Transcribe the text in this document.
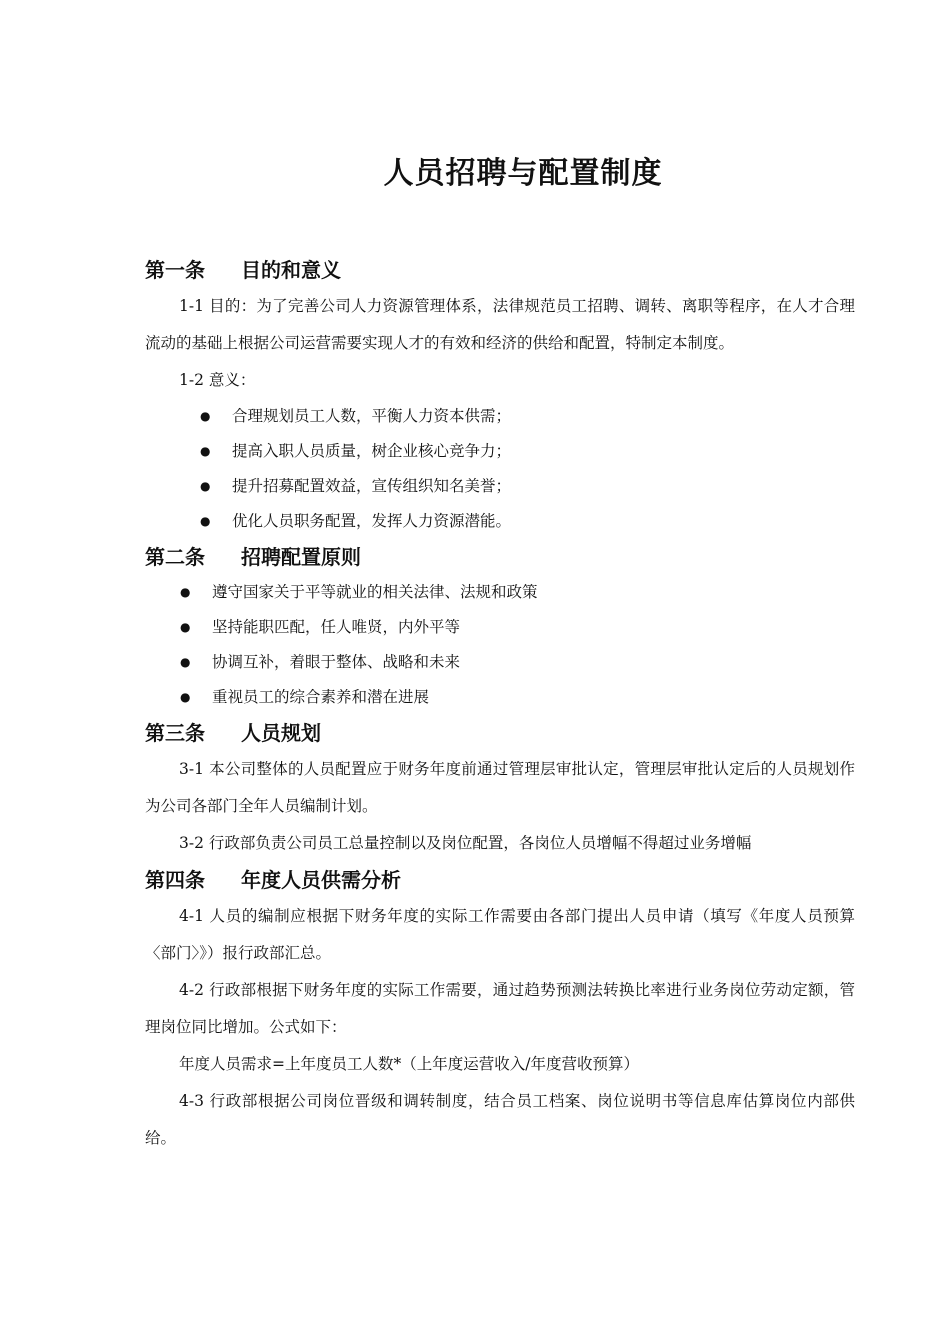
人员招聘与配置制度
第一条 目的和意义
1-1 目的：为了完善公司人力资源管理体系，法律规范员工招聘、调转、离职等程序，在人才合理流动的基础上根据公司运营需要实现人才的有效和经济的供给和配置，特制定本制度。
1-2 意义：
● 合理规划员工人数，平衡人力资本供需；
● 提高入职人员质量，树企业核心竞争力；
● 提升招募配置效益，宣传组织知名美誉；
● 优化人员职务配置，发挥人力资源潜能。
第二条 招聘配置原则
● 遵守国家关于平等就业的相关法律、法规和政策
● 坚持能职匹配，任人唯贤，内外平等
● 协调互补，着眼于整体、战略和未来
● 重视员工的综合素养和潜在进展
第三条 人员规划
3-1 本公司整体的人员配置应于财务年度前通过管理层审批认定，管理层审批认定后的人员规划作为公司各部门全年人员编制计划。
3-2 行政部负责公司员工总量控制以及岗位配置，各岗位人员增幅不得超过业务增幅
第四条 年度人员供需分析
4-1 人员的编制应根据下财务年度的实际工作需要由各部门提出人员申请（填写《年度人员预算〈部门〉》）报行政部汇总。
4-2 行政部根据下财务年度的实际工作需要，通过趋势预测法转换比率进行业务岗位劳动定额，管理岗位同比增加。公式如下：
年度人员需求=上年度员工人数*（上年度运营收入/年度营收预算）
4-3 行政部根据公司岗位晋级和调转制度，结合员工档案、岗位说明书等信息库估算岗位内部供给。
